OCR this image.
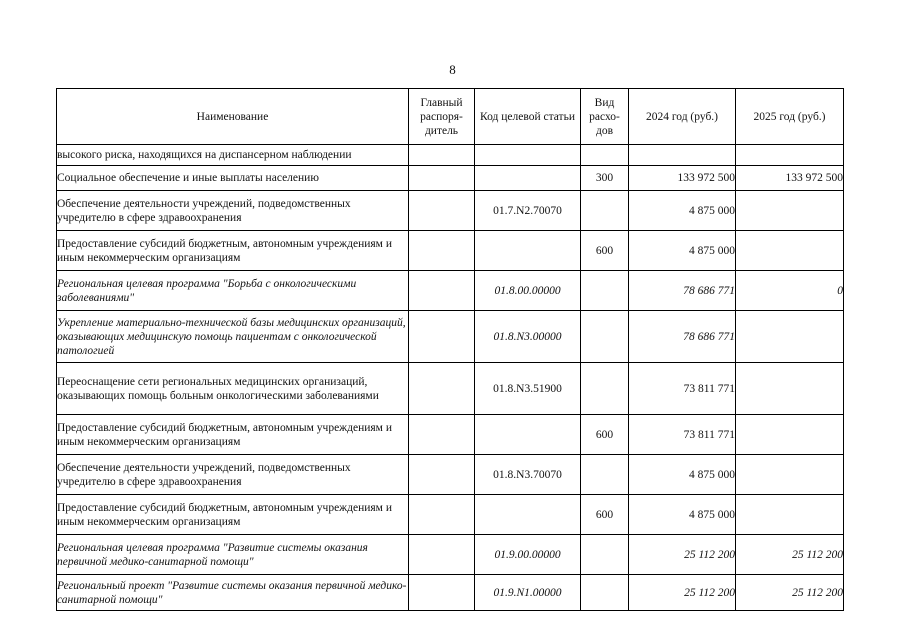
8
Наименование	Главный распоря-дитель	Код целевой статьи	Вид расхо-дов	2024 год (руб.)	2025 год (руб.)
высокого риска, находящихся на диспансерном наблюдении					
Социальное обеспечение и иные выплаты населению			300	133 972 500	133 972 500
Обеспечение деятельности учреждений, подведомственных учредителю в сфере здравоохранения		01.7.N2.70070		4 875 000	
Предоставление субсидий бюджетным, автономным учреждениям и иным некоммерческим организациям			600	4 875 000	
Региональная целевая программа "Борьба с онкологическими заболеваниями"		01.8.00.00000		78 686 771	0
Укрепление материально-технической базы медицинских организаций, оказывающих медицинскую помощь пациентам с онкологической патологией		01.8.N3.00000		78 686 771	
Переоснащение сети региональных медицинских организаций, оказывающих помощь больным онкологическими заболеваниями		01.8.N3.51900		73 811 771	
Предоставление субсидий бюджетным, автономным учреждениям и иным некоммерческим организациям			600	73 811 771	
Обеспечение деятельности учреждений, подведомственных учредителю в сфере здравоохранения		01.8.N3.70070		4 875 000	
Предоставление субсидий бюджетным, автономным учреждениям и иным некоммерческим организациям			600	4 875 000	
Региональная целевая программа "Развитие системы оказания первичной медико-санитарной помощи"		01.9.00.00000		25 112 200	25 112 200
Региональный проект "Развитие системы оказания первичной медико-санитарной помощи"		01.9.N1.00000		25 112 200	25 112 200
